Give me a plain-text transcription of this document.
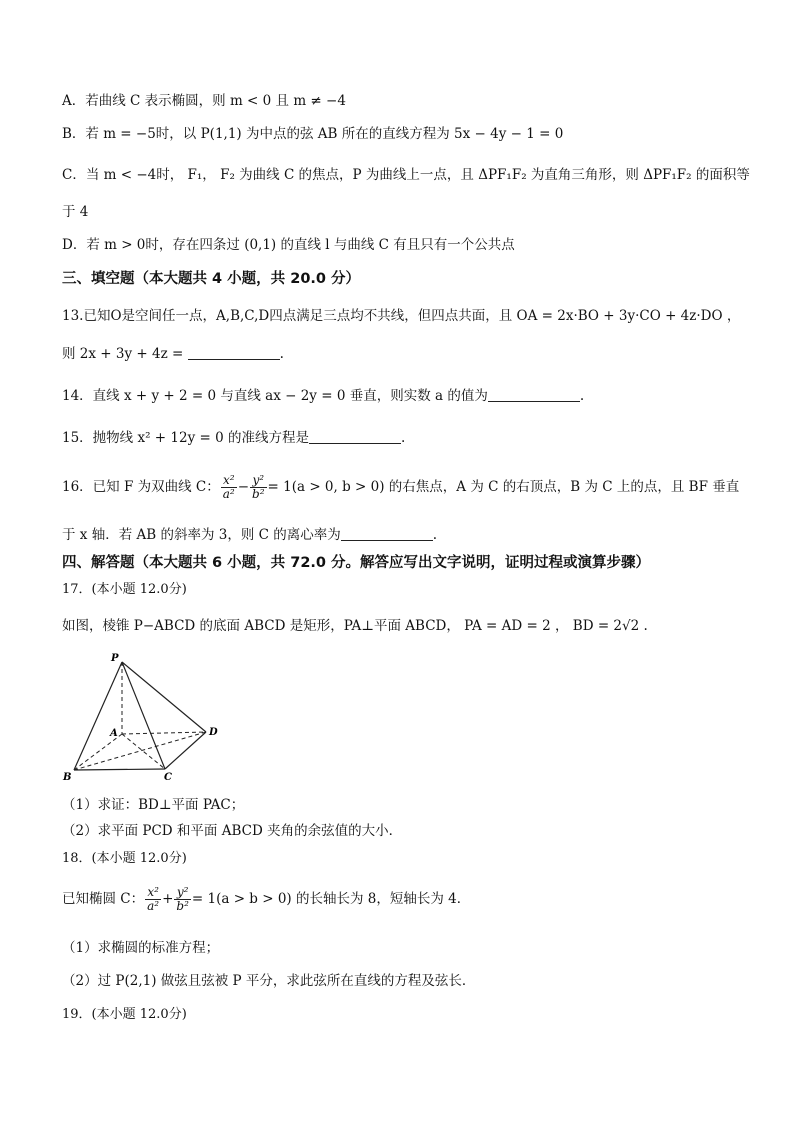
A．若曲线 C 表示椭圆，则 m < 0 且 m ≠ −4
B．若 m = −5时，以 P(1,1) 为中点的弦 AB 所在的直线方程为 5x − 4y − 1 = 0
C．当 m < −4时， F₁， F₂ 为曲线 C 的焦点，P 为曲线上一点，且 ΔPF₁F₂ 为直角三角形，则 ΔPF₁F₂ 的面积等
于 4
D．若 m > 0时，存在四条过 (0,1) 的直线 l 与曲线 C 有且只有一个公共点
三、填空题（本大题共 4 小题，共 20.0 分）
13.已知O是空间任一点，A,B,C,D四点满足三点均不共线，但四点共面，且 OA = 2x·BO + 3y·CO + 4z·DO ，
则 2x + 3y + 4z =	.
14．直线 x + y + 2 = 0 与直线 ax − 2y = 0 垂直，则实数 a 的值为	.
15．抛物线 x² + 12y = 0 的准线方程是	.
16．已知 F 为双曲线 C： $\frac{\text{x²}}{\text{a²}} - \frac{\text{y²}}{\text{b²}} = 1(a > 0$, b > 0) 的右焦点，A 为 C 的右顶点，B 为 C 上的点，且 BF 垂直
于 x 轴．若 AB 的斜率为 3，则 C 的离心率为	.
四、解答题（本大题共 6 小题，共 72.0 分。解答应写出文字说明，证明过程或演算步骤）
17．(本小题 12.0分)
如图，棱锥 P−ABCD 的底面 ABCD 是矩形，PA⊥平面 ABCD， PA = AD = 2 ， BD = 2√2 .
P
A
B	C
D
（1）求证：BD⊥平面 PAC；
（2）求平面 PCD 和平面 ABCD 夹角的余弦值的大小．
18．(本小题 12.0分)
已知椭圆 C： $\frac{\text{x²}}{\text{a²}} + \frac{\text{y²}}{\text{b²}} = 1(a > b > 0)$ 的长轴长为 8，短轴长为 4．
（1）求椭圆的标准方程；
（2）过 P(2,1) 做弦且弦被 P 平分，求此弦所在直线的方程及弦长．
19．(本小题 12.0分)
